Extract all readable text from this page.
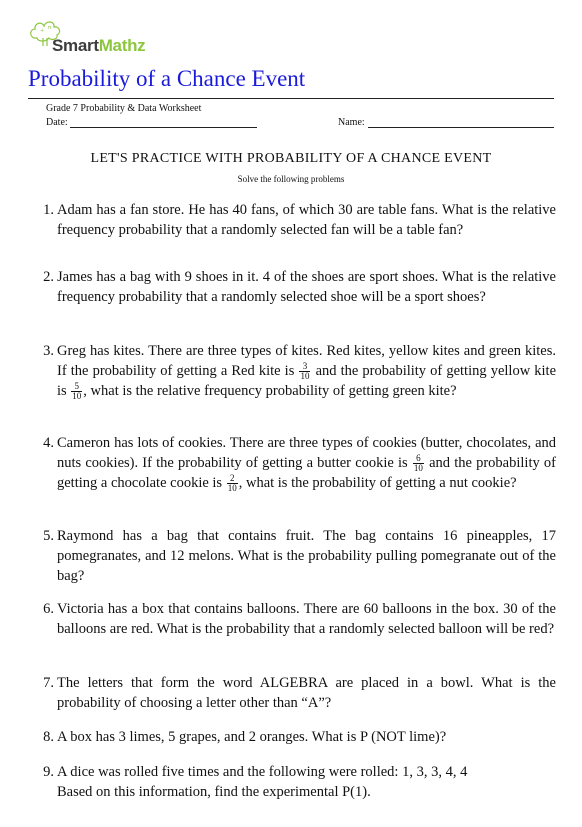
+ π
SmartMathz
Probability of a Chance Event
Grade 7 Probability & Data Worksheet
Date:	Name:
LET'S PRACTICE WITH PROBABILITY OF A CHANCE EVENT
Solve the following problems
1. Adam has a fan store. He has 40 fans, of which 30 are table fans. What is the relative frequency probability that a randomly selected fan will be a table fan?
2. James has a bag with 9 shoes in it. 4 of the shoes are sport shoes. What is the relative frequency probability that a randomly selected shoe will be a sport shoes?
3. Greg has kites. There are three types of kites. Red kites, yellow kites and green kites. If the probability of getting a Red kite is $\frac{3}{10}$ and the probability of getting yellow kite is $\frac{5}{10}$ , what is the relative frequency probability of getting green kite?
4. Cameron has lots of cookies. There are three types of cookies (butter, chocolates, and nuts cookies). If the probability of getting a butter cookie is $\frac{6}{10}$ and the probability of getting a chocolate cookie is $\frac{2}{10}$ , what is the probability of getting a nut cookie?
5. Raymond has a bag that contains fruit. The bag contains 16 pineapples, 17 pomegranates, and 12 melons. What is the probability pulling pomegranate out of the bag?
6. Victoria has a box that contains balloons. There are 60 balloons in the box. 30 of the balloons are red. What is the probability that a randomly selected balloon will be red?
7. The letters that form the word ALGEBRA are placed in a bowl. What is the probability of choosing a letter other than “A”?
8. A box has 3 limes, 5 grapes, and 2 oranges. What is P (NOT lime)?
9. A dice was rolled five times and the following were rolled: 1, 3, 3, 4, 4
Based on this information, find the experimental P(1).
